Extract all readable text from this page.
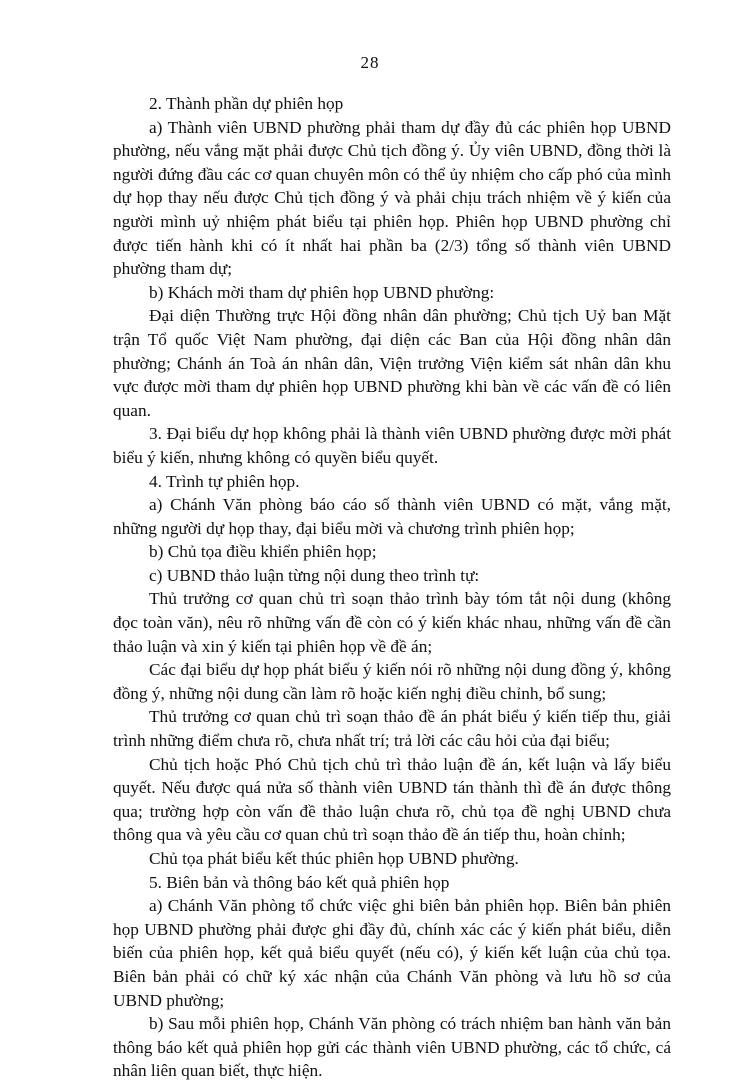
28

2. Thành phần dự phiên họp

a) Thành viên UBND phường phải tham dự đầy đủ các phiên họp UBND phường, nếu vắng mặt phải được Chủ tịch đồng ý. Ủy viên UBND, đồng thời là người đứng đầu các cơ quan chuyên môn có thể ủy nhiệm cho cấp phó của mình dự họp thay nếu được Chủ tịch đồng ý và phải chịu trách nhiệm về ý kiến của người mình uỷ nhiệm phát biểu tại phiên họp. Phiên họp UBND phường chỉ được tiến hành khi có ít nhất hai phần ba (2/3) tổng số thành viên UBND phường tham dự;

b) Khách mời tham dự phiên họp UBND phường:

Đại diện Thường trực Hội đồng nhân dân phường; Chủ tịch Uỷ ban Mặt trận Tổ quốc Việt Nam phường, đại diện các Ban của Hội đồng nhân dân phường; Chánh án Toà án nhân dân, Viện trưởng Viện kiểm sát nhân dân khu vực được mời tham dự phiên họp UBND phường khi bàn về các vấn đề có liên quan.

3. Đại biểu dự họp không phải là thành viên UBND phường được mời phát biểu ý kiến, nhưng không có quyền biểu quyết.

4. Trình tự phiên họp.

a) Chánh Văn phòng báo cáo số thành viên UBND có mặt, vắng mặt, những người dự họp thay, đại biểu mời và chương trình phiên họp;

b) Chủ tọa điều khiển phiên họp;

c) UBND thảo luận từng nội dung theo trình tự:

Thủ trưởng cơ quan chủ trì soạn thảo trình bày tóm tắt nội dung (không đọc toàn văn), nêu rõ những vấn đề còn có ý kiến khác nhau, những vấn đề cần thảo luận và xin ý kiến tại phiên họp về đề án;

Các đại biểu dự họp phát biểu ý kiến nói rõ những nội dung đồng ý, không đồng ý, những nội dung cần làm rõ hoặc kiến nghị điều chỉnh, bổ sung;

Thủ trưởng cơ quan chủ trì soạn thảo đề án phát biểu ý kiến tiếp thu, giải trình những điểm chưa rõ, chưa nhất trí; trả lời các câu hỏi của đại biểu;

Chủ tịch hoặc Phó Chủ tịch chủ trì thảo luận đề án, kết luận và lấy biểu quyết. Nếu được quá nửa số thành viên UBND tán thành thì đề án được thông qua; trường hợp còn vấn đề thảo luận chưa rõ, chủ tọa đề nghị UBND chưa thông qua và yêu cầu cơ quan chủ trì soạn thảo đề án tiếp thu, hoàn chỉnh;

Chủ tọa phát biểu kết thúc phiên họp UBND phường.

5. Biên bản và thông báo kết quả phiên họp

a) Chánh Văn phòng tổ chức việc ghi biên bản phiên họp. Biên bản phiên họp UBND phường phải được ghi đầy đủ, chính xác các ý kiến phát biểu, diễn biến của phiên họp, kết quả biểu quyết (nếu có), ý kiến kết luận của chủ tọa. Biên bản phải có chữ ký xác nhận của Chánh Văn phòng và lưu hồ sơ của UBND phường;

b) Sau mỗi phiên họp, Chánh Văn phòng có trách nhiệm ban hành văn bản thông báo kết quả phiên họp gửi các thành viên UBND phường, các tổ chức, cá nhân liên quan biết, thực hiện.
